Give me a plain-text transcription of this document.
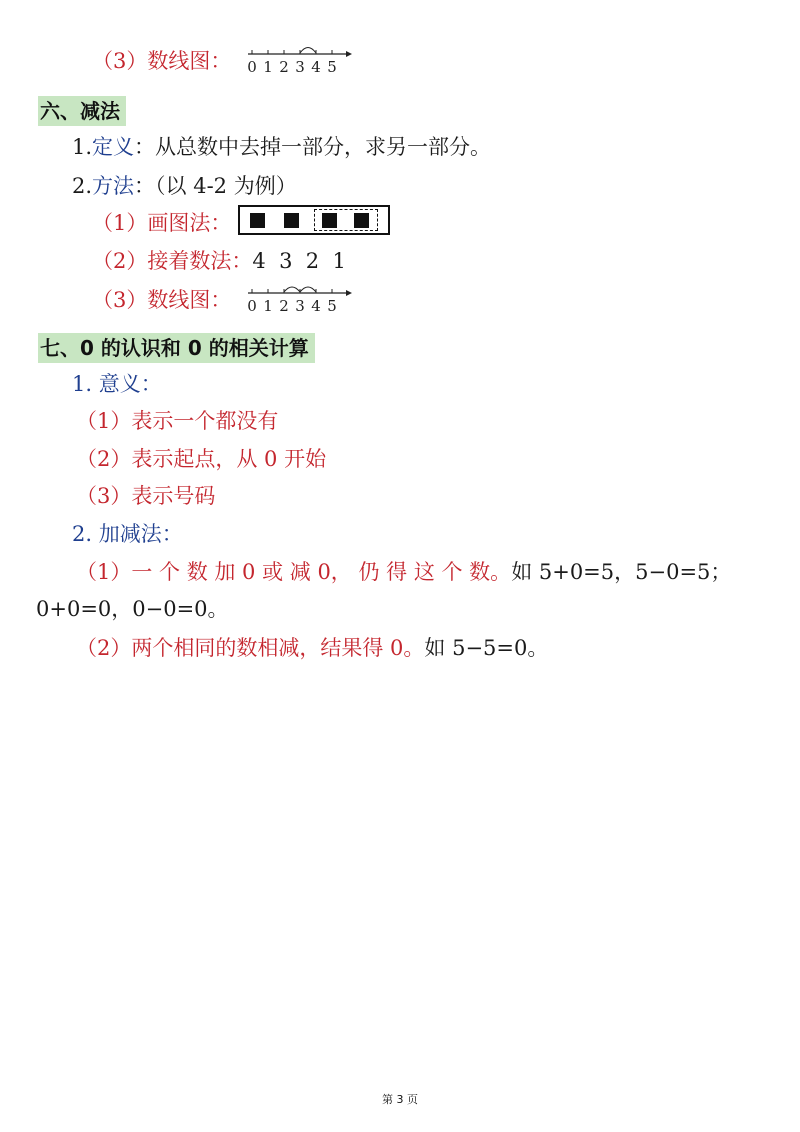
（3）数线图： 0 1 2 3 4 5
六、减法
1.定义：从总数中去掉一部分，求另一部分。
2.方法：（以 4-2 为例）
（1）画图法：
（2）接着数法：4  3  2  1
（3）数线图： 0 1 2 3 4 5
七、0 的认识和 0 的相关计算
1. 意义：
（1）表示一个都没有
（2）表示起点，从 0 开始
（3）表示号码
2. 加减法：
（1）一 个 数 加 0 或 减 0， 仍 得 这 个 数。如 5+0=5，5−0=5；
0+0=0，0−0=0。
（2）两个相同的数相减，结果得 0。如 5−5=0。
第 3 页
